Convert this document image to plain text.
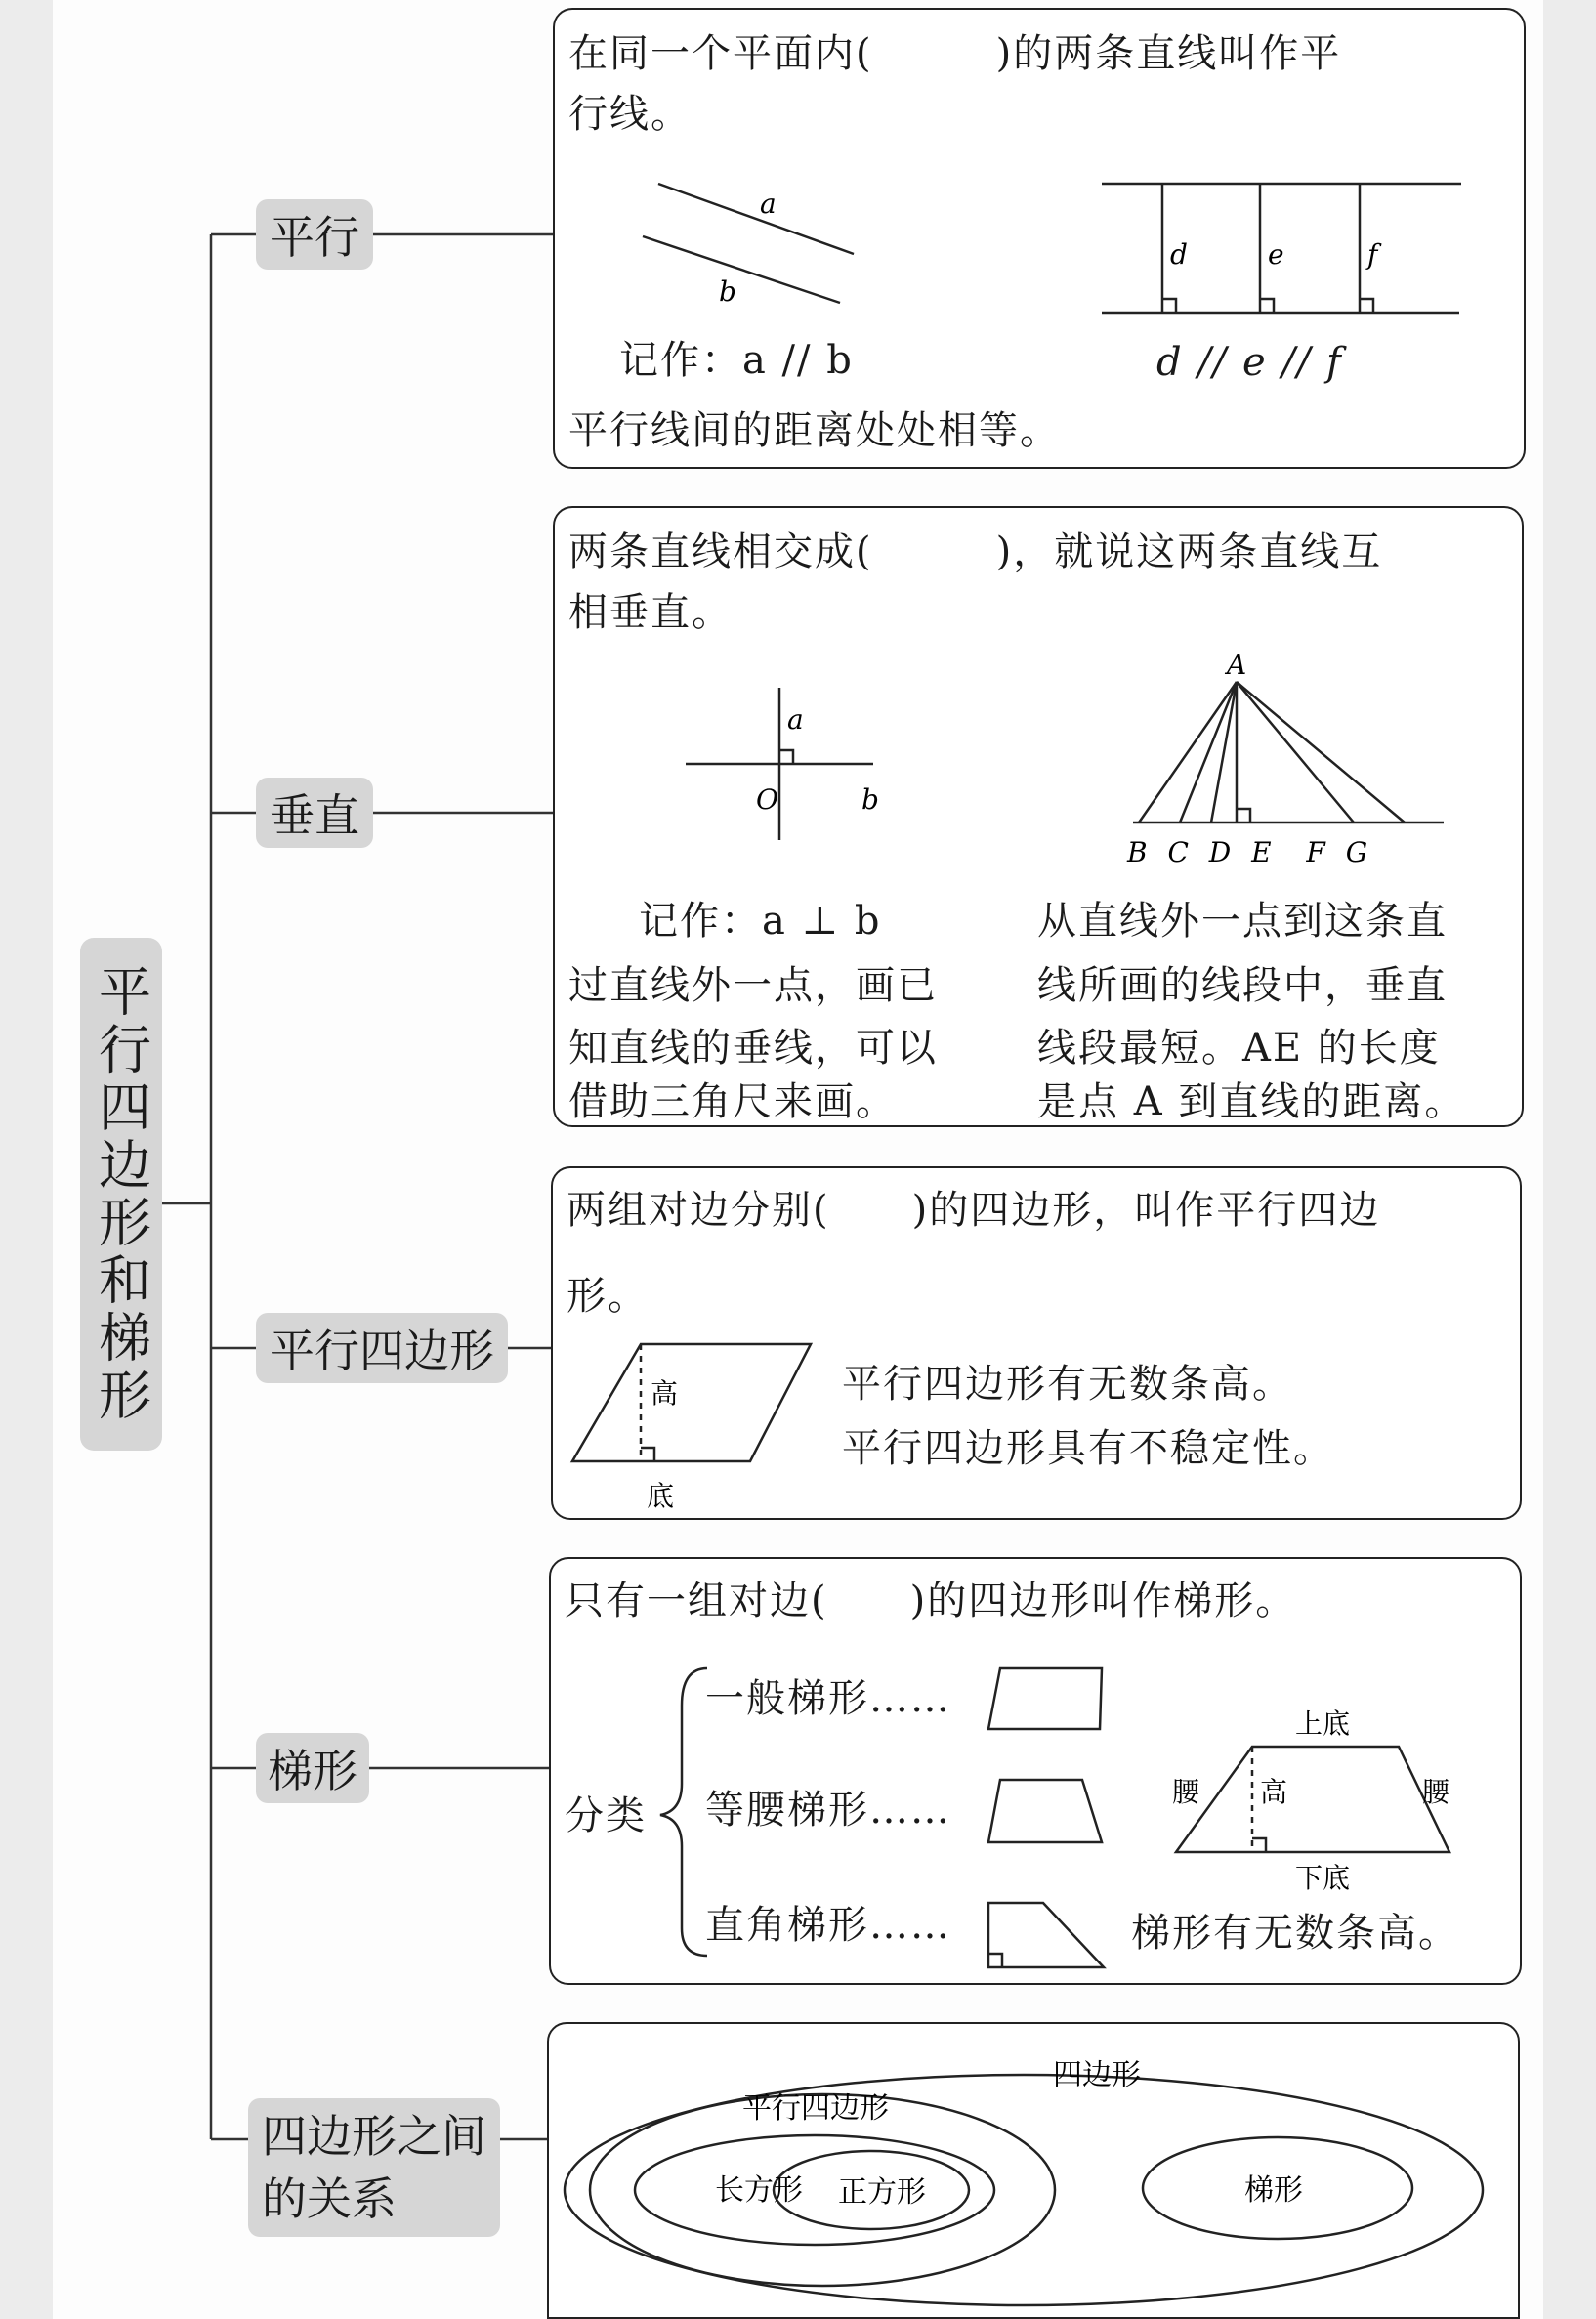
平行四边形和梯形
平行
垂直
平行四边形
梯形
四边形之间
的关系
在同一个平面内(　　　)的两条直线叫作平
行线。
a
b
d	e	f
记作：a // b	d // e // f
平行线间的距离处处相等。
两条直线相交成(　　　)，就说这两条直线互
相垂直。
a
O	b
A
B C D E  F G
记作：a ⊥ b
过直线外一点，画已
知直线的垂线，可以
借助三角尺来画。
从直线外一点到这条直
线所画的线段中，垂直
线段最短。AE 的长度
是点 A 到直线的距离。
两组对边分别(　　)的四边形，叫作平行四边
形。
高
底
平行四边形有无数条高。
平行四边形具有不稳定性。
只有一组对边(　　)的四边形叫作梯形。
分类
一般梯形……
等腰梯形……
直角梯形……
上底
下底
腰	腰
高
梯形有无数条高。
四边形
平行四边形
长方形 正方形	梯形
